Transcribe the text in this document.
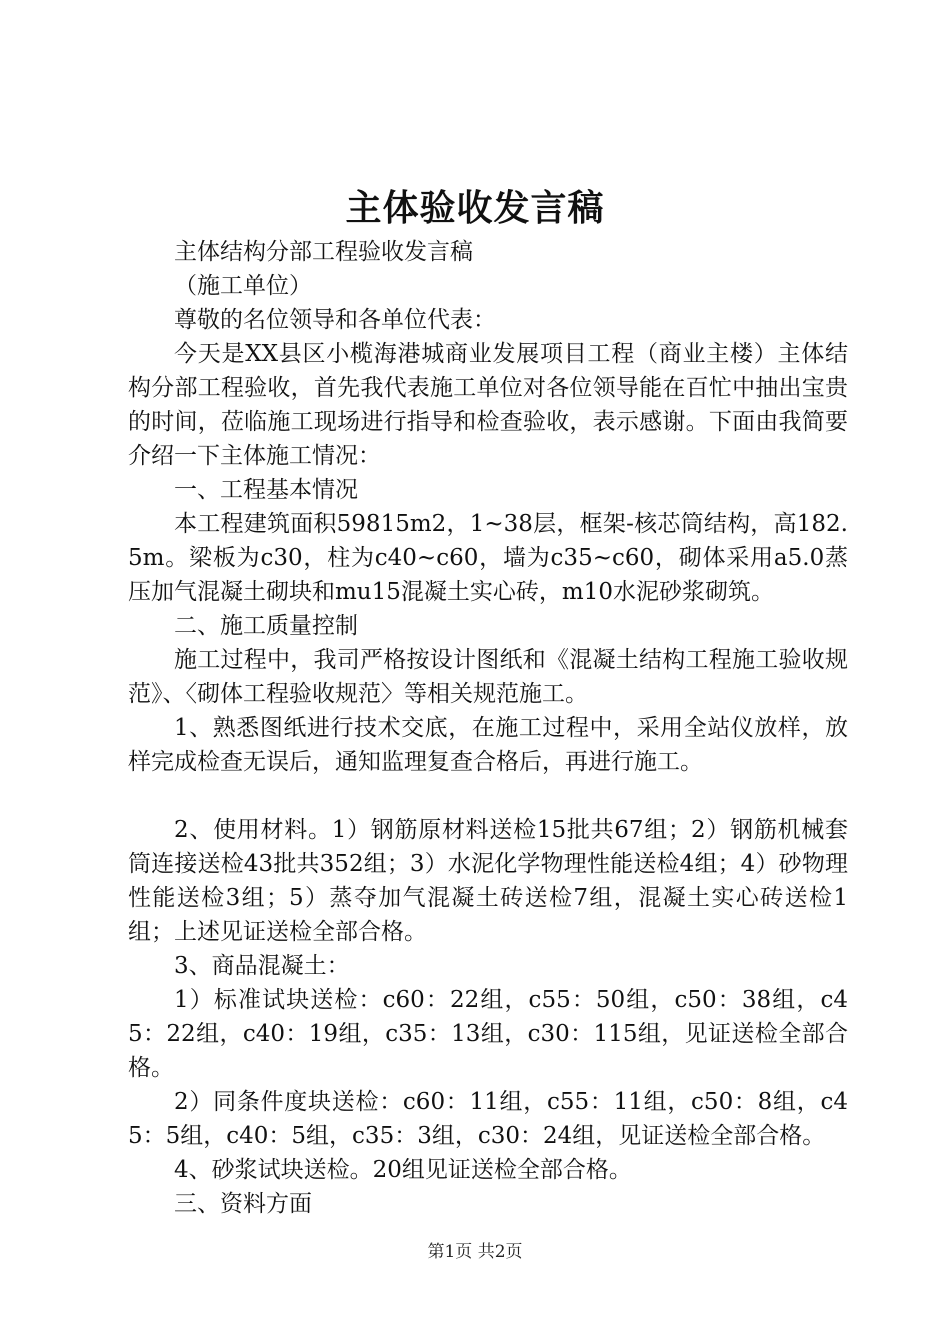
主体验收发言稿

主体结构分部工程验收发言稿

（施工单位）

尊敬的名位领导和各单位代表：

今天是XX县区小榄海港城商业发展项目工程（商业主楼）主体结构分部工程验收，首先我代表施工单位对各位领导能在百忙中抽出宝贵的时间，莅临施工现场进行指导和检查验收，表示感谢。下面由我简要介绍一下主体施工情况：

一、工程基本情况

本工程建筑面积59815m2，1~38层，框架-核芯筒结构，高182.5m。梁板为c30，柱为c40~c60，墙为c35~c60，砌体采用a5.0蒸压加气混凝土砌块和mu15混凝土实心砖，m10水泥砂浆砌筑。

二、施工质量控制

施工过程中，我司严格按设计图纸和《混凝土结构工程施工验收规范》、〈砌体工程验收规范〉等相关规范施工。

1、熟悉图纸进行技术交底，在施工过程中，采用全站仪放样，放样完成检查无误后，通知监理复查合格后，再进行施工。

2、使用材料。1）钢筋原材料送检15批共67组；2）钢筋机械套筒连接送检43批共352组；3）水泥化学物理性能送检4组；4）砂物理性能送检3组；5）蒸夺加气混凝土砖送检7组，混凝土实心砖送检1组；上述见证送检全部合格。

3、商品混凝土：

1）标准试块送检：c60：22组，c55：50组，c50：38组，c45：22组，c40：19组，c35：13组，c30：115组，见证送检全部合格。

2）同条件度块送检：c60：11组，c55：11组，c50：8组，c45：5组，c40：5组，c35：3组，c30：24组，见证送检全部合格。

4、砂浆试块送检。20组见证送检全部合格。

三、资料方面

第1页 共2页
